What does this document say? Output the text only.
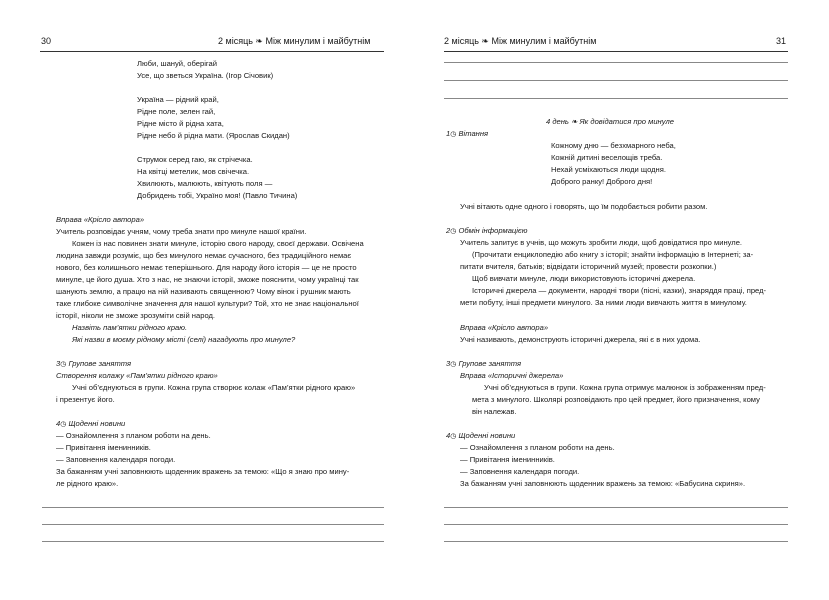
30	2 місяць ❧ Між минулим і майбутнім
Люби, шануй, оберігай
Усе, що зветься Україна. (Ігор Січовик)
Україна — рідний край,
Рідне поле, зелен гай,
Рідне місто й рідна хата,
Рідне небо й рідна мати. (Ярослав Скидан)
Струмок серед гаю, як стрічечка.
На квітці метелик, мов свічечка.
Хвилюють, малюють, квітують поля —
Добридень тобі, Україно моя! (Павло Тичина)
Вправа «Крісло автора»
Учитель розповідає учням, чому треба знати про минуле нашої країни.
Кожен із нас повинен знати минуле, історію свого народу, своєї держави. Освічена
людина завжди розуміє, що без минулого немає сучасного, без традиційного немає
нового, без колишнього немає теперішнього. Для народу його історія — це не просто
минуле, це його душа. Хто з нас, не знаючи історії, зможе пояснити, чому українці так
шанують землю, а працю на ній називають священною? Чому вінок і рушник мають
таке глибоке символічне значення для нашої культури? Той, хто не знає національної
історії, ніколи не зможе зрозуміти свій народ.
Назвіть пам’ятки рідного краю.
Які назви в моєму рідному місті (селі) нагадують про минуле?
3◷ Групове заняття
Створення колажу «Пам’ятки рідного краю»
Учні об’єднуються в групи. Кожна група створює колаж «Пам’ятки рідного краю»
і презентує його.
4◷ Щоденні новини
— Ознайомлення з планом роботи на день.
— Привітання іменинників.
— Заповнення календаря погоди.
За бажанням учні заповнюють щоденник вражень за темою: «Що я знаю про мину-
ле рідного краю».
2 місяць ❧ Між минулим і майбутнім	31
4 день ❧ Як довідатися про минуле
1◷ Вітання
Кожному дню — безхмарного неба,
Кожній дитині веселощів треба.
Нехай усміхаються люди щодня.
Доброго ранку! Доброго дня!
Учні вітають одне одного і говорять, що їм подобається робити разом.
2◷ Обмін інформацією
Учитель запитує в учнів, що можуть зробити люди, щоб довідатися про минуле.
(Прочитати енциклопедію або книгу з історії; знайти інформацію в Інтернеті; за-
питати вчителя, батьків; відвідати історичний музей; провести розкопки.)
Щоб вивчати минуле, люди використовують історичні джерела.
Історичні джерела — документи, народні твори (пісні, казки), знаряддя праці, пред-
мети побуту, інші предмети минулого. За ними люди вивчають життя в минулому.
Вправа «Крісло автора»
Учні називають, демонструють історичні джерела, які є в них удома.
3◷ Групове заняття
Вправа «Історичні джерела»
Учні об’єднуються в групи. Кожна група отримує малюнок із зображенням пред-
мета з минулого. Школярі розповідають про цей предмет, його призначення, кому
він належав.
4◷ Щоденні новини
— Ознайомлення з планом роботи на день.
— Привітання іменинників.
— Заповнення календаря погоди.
За бажанням учні заповнюють щоденник вражень за темою: «Бабусина скриня».
